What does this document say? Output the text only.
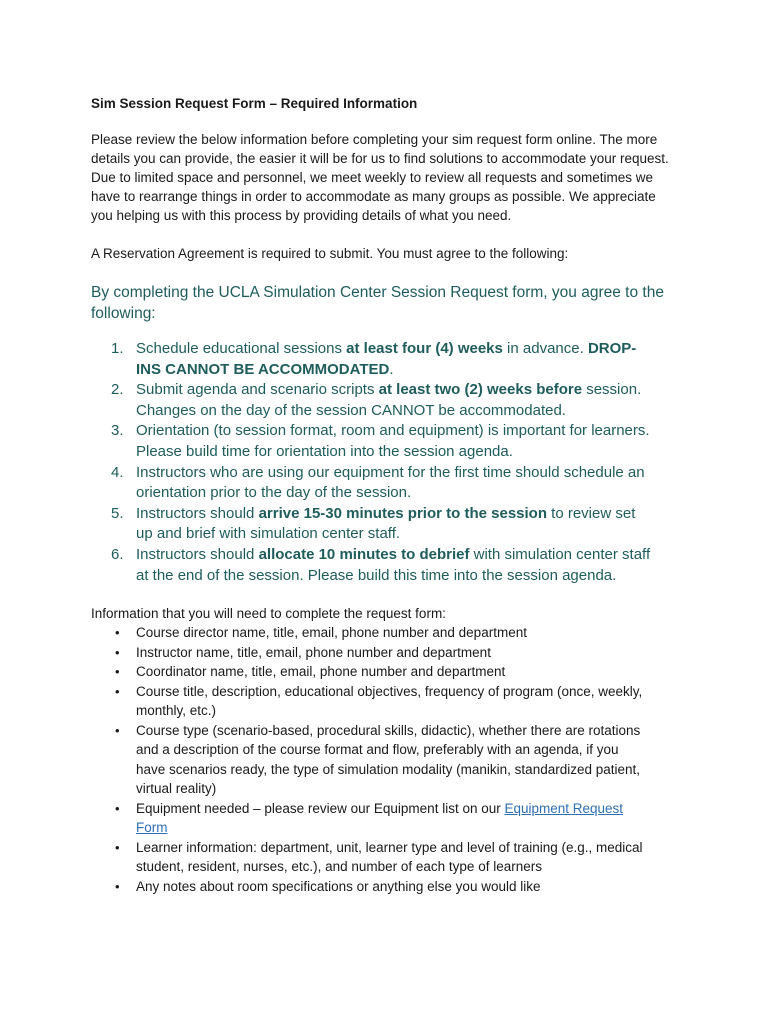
Sim Session Request Form – Required Information

Please review the below information before completing your sim request form online. The more details you can provide, the easier it will be for us to find solutions to accommodate your request. Due to limited space and personnel, we meet weekly to review all requests and sometimes we have to rearrange things in order to accommodate as many groups as possible. We appreciate you helping us with this process by providing details of what you need.

A Reservation Agreement is required to submit. You must agree to the following:

By completing the UCLA Simulation Center Session Request form, you agree to the following:

1. Schedule educational sessions at least four (4) weeks in advance. DROP-INS CANNOT BE ACCOMMODATED.
2. Submit agenda and scenario scripts at least two (2) weeks before session. Changes on the day of the session CANNOT be accommodated.
3. Orientation (to session format, room and equipment) is important for learners. Please build time for orientation into the session agenda.
4. Instructors who are using our equipment for the first time should schedule an orientation prior to the day of the session.
5. Instructors should arrive 15-30 minutes prior to the session to review set up and brief with simulation center staff.
6. Instructors should allocate 10 minutes to debrief with simulation center staff at the end of the session. Please build this time into the session agenda.

Information that you will need to complete the request form:

• Course director name, title, email, phone number and department
• Instructor name, title, email, phone number and department
• Coordinator name, title, email, phone number and department
• Course title, description, educational objectives, frequency of program (once, weekly, monthly, etc.)
• Course type (scenario-based, procedural skills, didactic), whether there are rotations and a description of the course format and flow, preferably with an agenda, if you have scenarios ready, the type of simulation modality (manikin, standardized patient, virtual reality)
• Equipment needed – please review our Equipment list on our Equipment Request Form
• Learner information: department, unit, learner type and level of training (e.g., medical student, resident, nurses, etc.), and number of each type of learners
• Any notes about room specifications or anything else you would like
